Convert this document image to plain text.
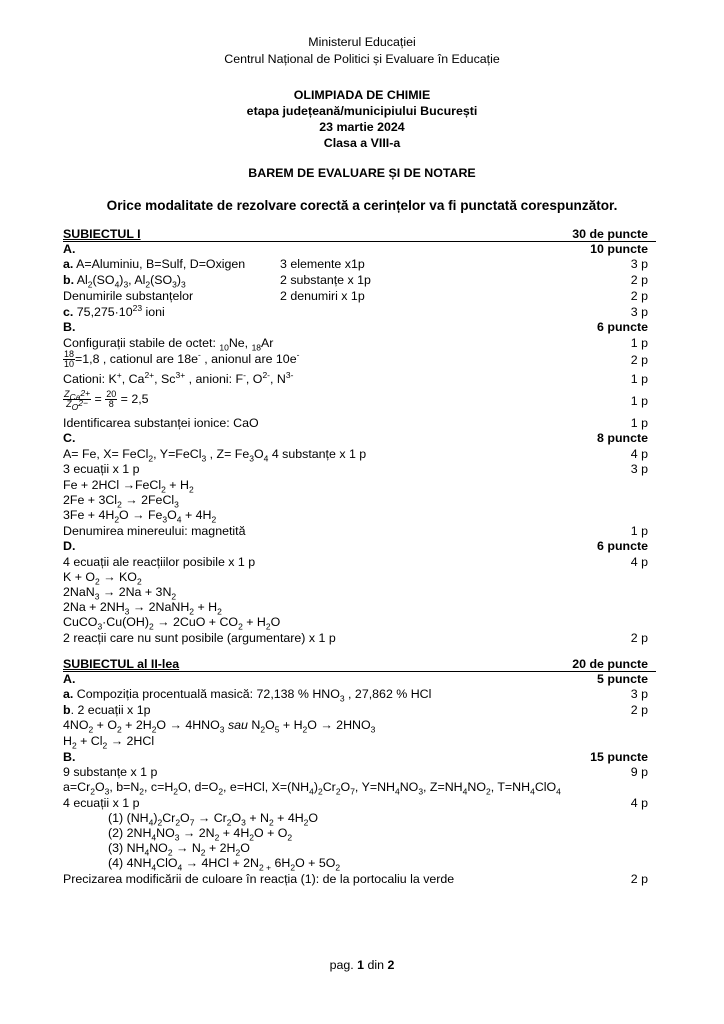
Ministerul Educației
Centrul Național de Politici și Evaluare în Educație
OLIMPIADA DE CHIMIE
etapa județeană/municipiului București
23 martie 2024
Clasa a VIII-a
BAREM DE EVALUARE ȘI DE NOTARE
Orice modalitate de rezolvare corectă a cerințelor va fi punctată corespunzător.
SUBIECTUL I	30 de puncte
A.	10 puncte
a. A=Aluminiu, B=Sulf, D=Oxigen	3 elemente x1p	3 p
b. $Al_2(SO_4)_3$, $Al_2(SO_3)_3$	2 substanțe x 1p	2 p
Denumirile substanțelor	2 denumiri x 1p	2 p
c. $75,275\cdot 10^{23}$ ioni	3 p
B.	6 puncte
Configurații stabile de octet: $_{10}$Ne, $_{18}$Ar	1 p
$\frac{18}{10} =1,8$ , cationul are 18e- , anionul are 10e-	2 p
Cationi: K+, $Ca^{2+}$, $Sc^{3+}$ , anioni: F-, $O^{2-}$, $N^{3-}$	1 p
$\frac{Z_{Ca^{2+}}}{Z_{O^{2-}}} = \frac{20}{8} = 2,5$	1 p
Identificarea substanței ionice: CaO	1 p
C.	8 puncte
A= Fe, X= FeCl$_2$, Y=FeCl$_3$ , $Z= Fe_3O_4$ 4 substanțe x 1 p	4 p
3 ecuații x 1 p	3 p
Fe + 2HCl →FeCl$_2$ + $H_2$
$2Fe + 3Cl_2$ → 2FeCl$_3$
$3Fe + 4H_2O \to Fe_3O_4 + 4H_2$
Denumirea minereului: magnetită	1 p
D.	6 puncte
4 ecuații ale reacțiilor posibile x 1 p	4 p
$K + O_2 \to KO_2$
$2NaN_3 \to 2Na + 3N_2$
$2Na + 2NH_3$ → 2NaNH$_2$ + $H_2$
$CuCO_3\cdot Cu(OH)_2 \to 2CuO + CO_2 + H_2O$
2 reacții care nu sunt posibile (argumentare) x 1 p	2 p
SUBIECTUL al II-lea	20 de puncte
A.	5 puncte
a. Compoziția procentuală masică: 72,138 % $HNO_3$ , 27,862 % HCl	3 p
b. 2 ecuații x 1p	2 p
$4NO_2 + O_2 + 2H_2O \to 4HNO_3$ sau $N_2O_5 + H_2O \to 2HNO_3$
$H_2 + Cl_2 \to 2HCl$
B.	15 puncte
9 substanțe x 1 p	9 p
$a=Cr_2O_3$, $b=N_2$, $c=H_2O$, $d=O_2$, e=HCl, $X=(NH_4)_2Cr_2O_7$, $Y=NH_4NO_3$, $Z=NH_4NO_2$, $T=NH_4ClO_4$
4 ecuații x 1 p	4 p
(1) $(NH_4)_2Cr_2O_7 \to Cr_2O_3 + N_2 + 4H_2O$
(2) $2NH_4NO_3 \to 2N_2 + 4H_2O + O_2$
(3) $NH_4NO_2 \to N_2 + 2H_2O$
(4) $4NH_4ClO_4 \to 4HCl + 2N_{2 +}$ $6H_2O + 5O_2$
Precizarea modificării de culoare în reacția (1): de la portocaliu la verde	2 p
pag. 1 din 2
